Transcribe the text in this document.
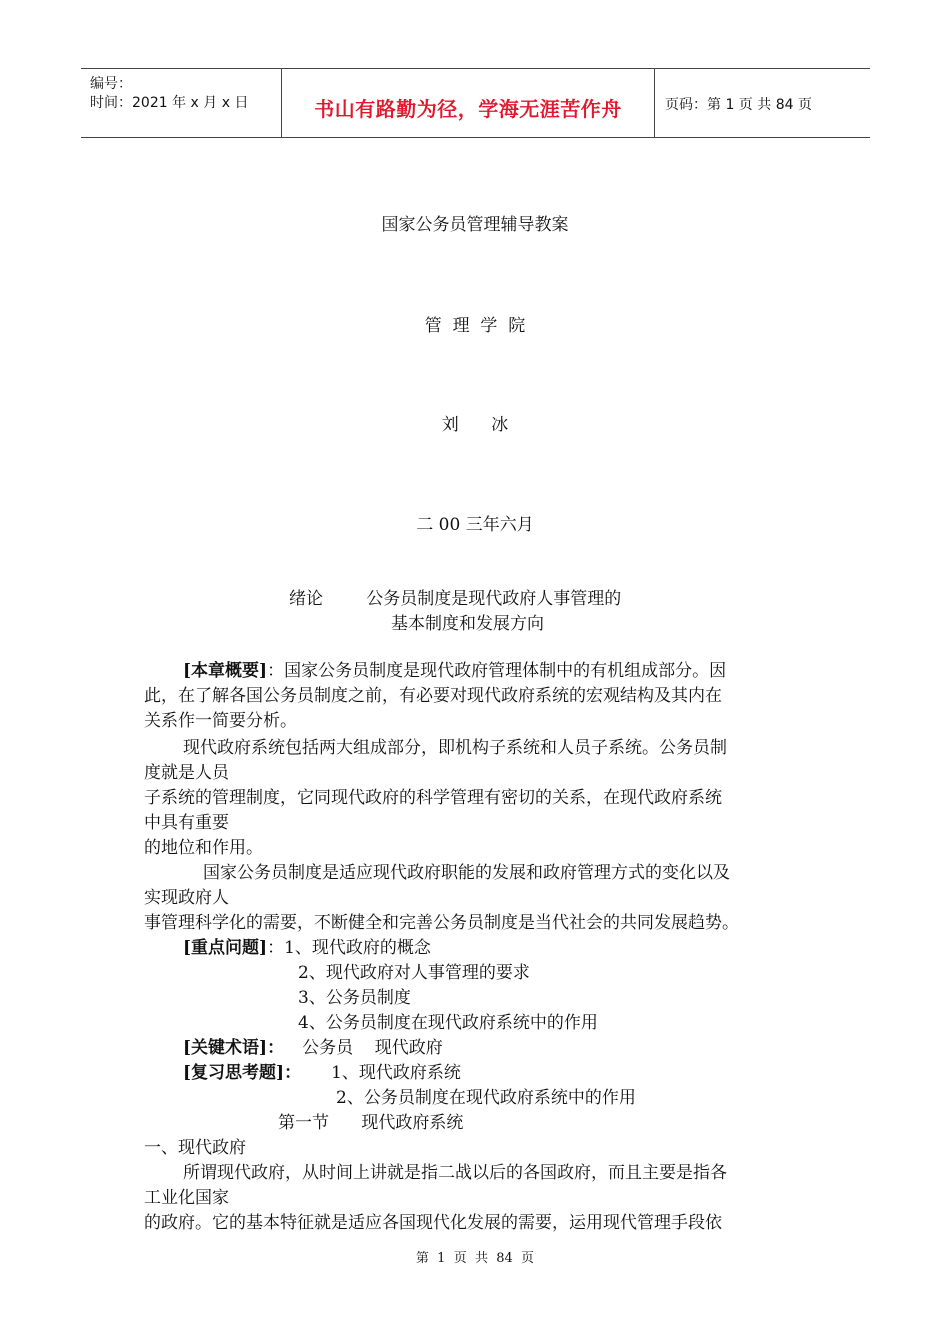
编号：
时间：2021 年 x 月 x 日	书山有路勤为径，学海无涯苦作舟	页码：第 1 页 共 84 页
国家公务员管理辅导教案
管  理  学  院
刘      冰
二 00 三年六月
绪论        公务员制度是现代政府人事管理的
基本制度和发展方向
[本章概要]：国家公务员制度是现代政府管理体制中的有机组成部分。因
此，在了解各国公务员制度之前，有必要对现代政府系统的宏观结构及其内在
关系作一简要分析。
现代政府系统包括两大组成部分，即机构子系统和人员子系统。公务员制
度就是人员
子系统的管理制度，它同现代政府的科学管理有密切的关系，在现代政府系统
中具有重要
的地位和作用。
国家公务员制度是适应现代政府职能的发展和政府管理方式的变化以及
实现政府人
事管理科学化的需要，不断健全和完善公务员制度是当代社会的共同发展趋势。
[重点问题]：1、现代政府的概念
2、现代政府对人事管理的要求
3、公务员制度
4、公务员制度在现代政府系统中的作用
[关键术语]： 公务员    现代政府
[复习思考题]： 1、现代政府系统
2、公务员制度在现代政府系统中的作用
第一节      现代政府系统
一、现代政府
所谓现代政府，从时间上讲就是指二战以后的各国政府，而且主要是指各
工业化国家
的政府。它的基本特征就是适应各国现代化发展的需要，运用现代管理手段依
第  1  页  共  84  页
